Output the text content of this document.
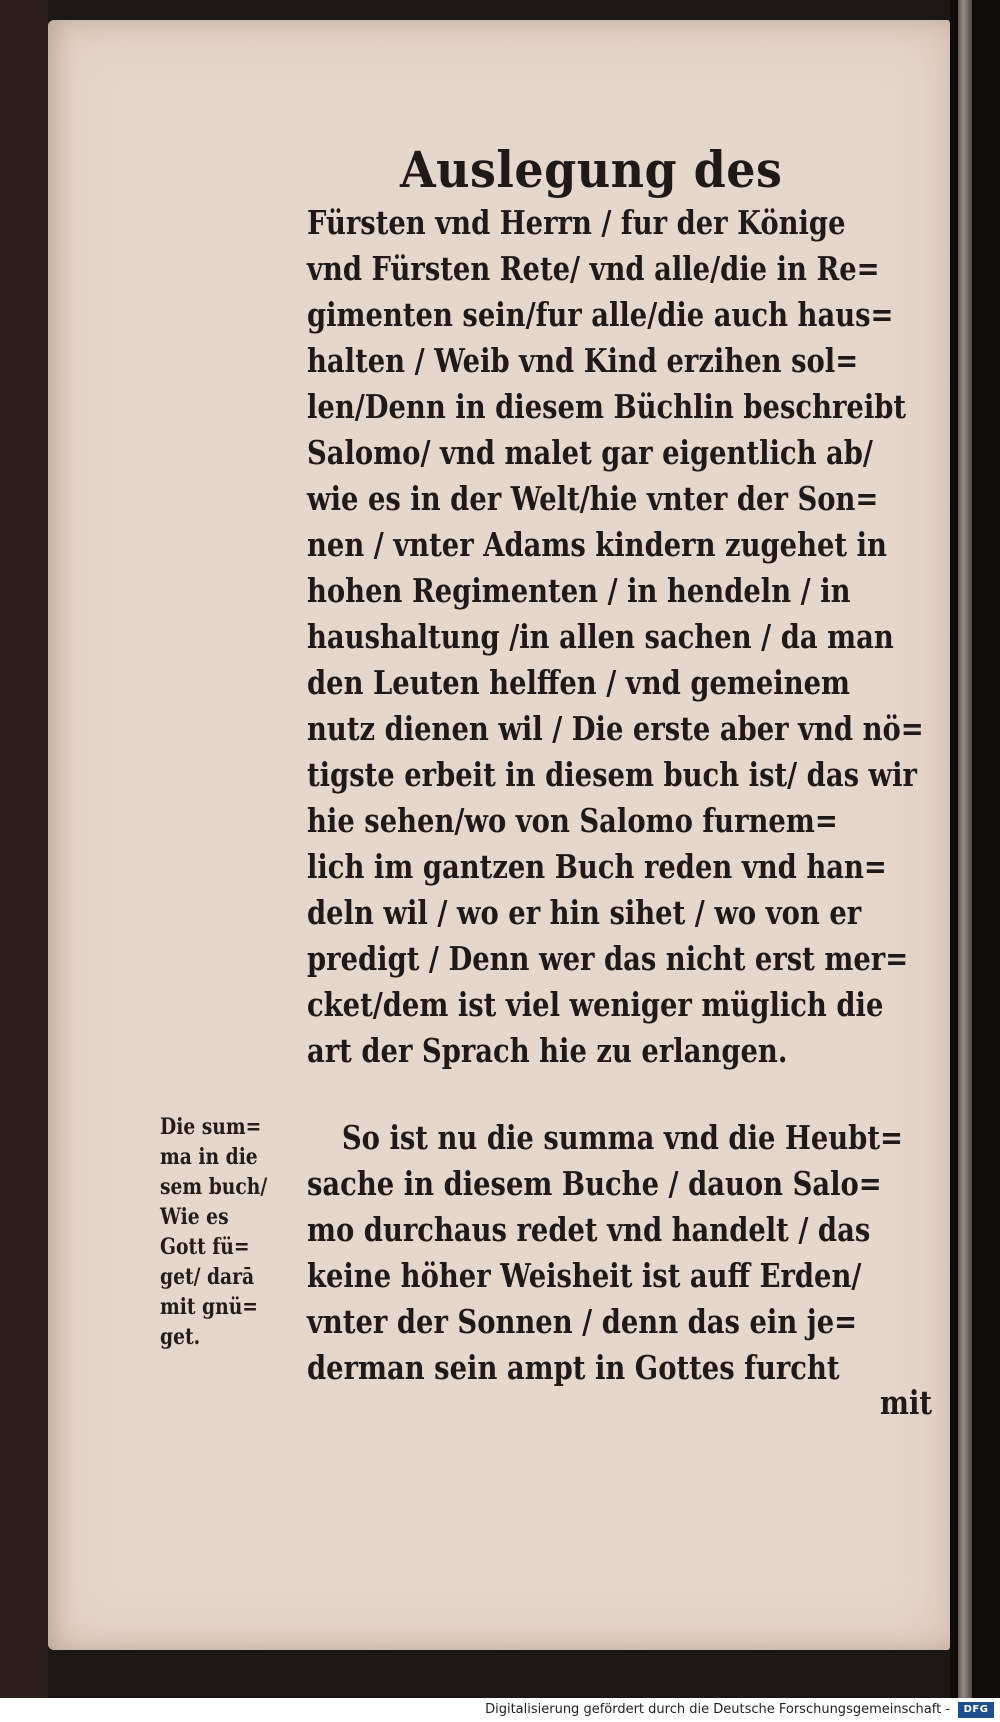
Auslegung des
Fürsten vnd Herrn / fur der Könige
vnd Fürsten Rete/ vnd alle/die in Re=
gimenten sein/fur alle/die auch haus=
halten / Weib vnd Kind erzihen sol=
len/Denn in diesem Büchlin beschreibt
Salomo/ vnd malet gar eigentlich ab/
wie es in der Welt/hie vnter der Son=
nen / vnter Adams kindern zugehet in
hohen Regimenten / in hendeln / in
haushaltung /in allen sachen / da man
den Leuten helffen / vnd gemeinem
nutz dienen wil / Die erste aber vnd nö=
tigste erbeit in diesem buch ist/ das wir
hie sehen/wo von Salomo furnem=
lich im gantzen Buch reden vnd han=
deln wil / wo er hin sihet / wo von er
predigt / Denn wer das nicht erst mer=
cket/dem ist viel weniger müglich die
art der Sprach hie zu erlangen.
Die sum=
ma in die
sem buch/
Wie es
Gott fü=
get/ darā
mit gnü=
get.
So ist nu die summa vnd die Heubt=
sache in diesem Buche / dauon Salo=
mo durchaus redet vnd handelt / das
keine höher Weisheit ist auff Erden/
vnter der Sonnen / denn das ein je=
derman sein ampt in Gottes furcht
mit
Digitalisierung gefördert durch die Deutsche Forschungsgemeinschaft -	DFG
